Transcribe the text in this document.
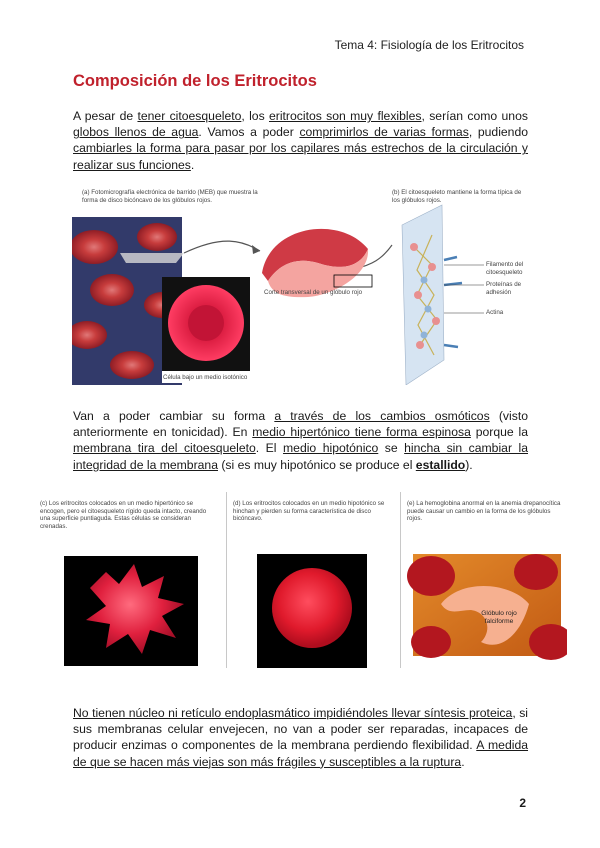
Tema 4: Fisiología de los Eritrocitos
Composición de los Eritrocitos
A pesar de tener citoesqueleto, los eritrocitos son muy flexibles, serían como unos globos llenos de agua. Vamos a poder comprimirlos de varias formas, pudiendo cambiarles la forma para pasar por los capilares más estrechos de la circulación y realizar sus funciones.
(a) Fotomicrografía electrónica de barrido (MEB) que muestra la forma de disco bicóncavo de los glóbulos rojos.
(b) El citoesqueleto mantiene la forma típica de los glóbulos rojos.
Célula bajo un medio isotónico
Corte transversal de un glóbulo rojo
Filamento del citoesqueleto
Proteínas de adhesión
Actina
Van a poder cambiar su forma a través de los cambios osmóticos (visto anteriormente en tonicidad). En medio hipertónico tiene forma espinosa porque la membrana tira del citoesqueleto. El medio hipotónico se hincha sin cambiar la integridad de la membrana (si es muy hipotónico se produce el estallido).
(c) Los eritrocitos colocados en un medio hipertónico se encogen, pero el citoesqueleto rígido queda intacto, creando una superficie puntiaguda. Estas células se consideran crenadas.
(d) Los eritrocitos colocados en un medio hipotónico se hinchan y pierden su forma característica de disco bicóncavo.
(e) La hemoglobina anormal en la anemia drepanocítica puede causar un cambio en la forma de los glóbulos rojos.
Glóbulo rojo falciforme
No tienen núcleo ni retículo endoplasmático impidiéndoles llevar síntesis proteica, si sus membranas celular envejecen, no van a poder ser reparadas, incapaces de producir enzimas o componentes de la membrana perdiendo flexibilidad. A medida de que se hacen más viejas son más frágiles y susceptibles a la ruptura.
2
